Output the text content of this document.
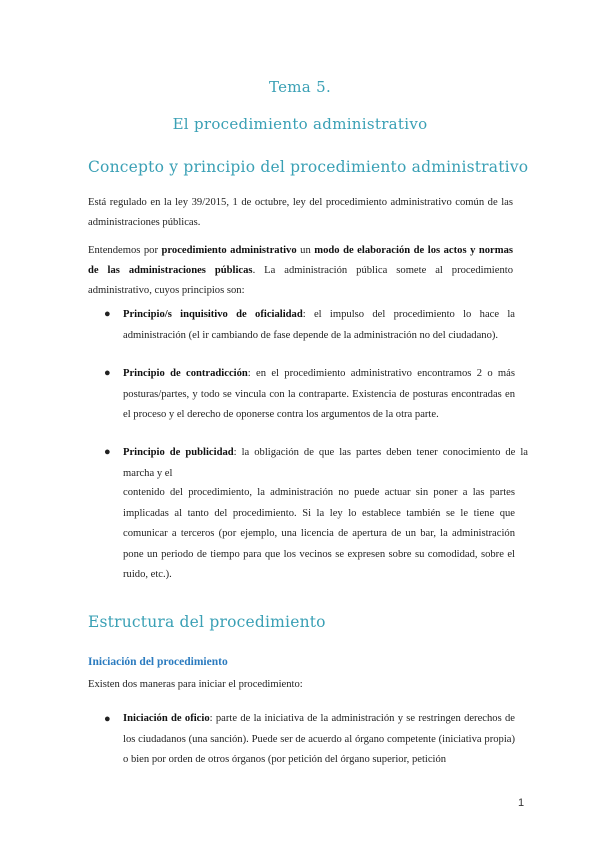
Tema 5.
El procedimiento administrativo
Concepto y principio del procedimiento administrativo
Está regulado en la ley 39/2015, 1 de octubre, ley del procedimiento administrativo común de las administraciones públicas.
Entendemos por procedimiento administrativo un modo de elaboración de los actos y normas de las administraciones públicas. La administración pública somete al procedimiento administrativo, cuyos principios son:
● Principio/s inquisitivo de oficialidad: el impulso del procedimiento lo hace la administración (el ir cambiando de fase depende de la administración no del ciudadano).
● Principio de contradicción: en el procedimiento administrativo encontramos 2 o más posturas/partes, y todo se vincula con la contraparte. Existencia de posturas encontradas en el proceso y el derecho de oponerse contra los argumentos de la otra parte.
● Principio de publicidad: la obligación de que las partes deben tener conocimiento de la marcha y el
contenido del procedimiento, la administración no puede actuar sin poner a las partes implicadas al tanto del procedimiento. Si la ley lo establece también se le tiene que comunicar a terceros (por ejemplo, una licencia de apertura de un bar, la administración pone un periodo de tiempo para que los vecinos se expresen sobre su comodidad, sobre el ruido, etc.).
Estructura del procedimiento
Iniciación del procedimiento
Existen dos maneras para iniciar el procedimiento:
● Iniciación de oficio: parte de la iniciativa de la administración y se restringen derechos de los ciudadanos (una sanción). Puede ser de acuerdo al órgano competente (iniciativa propia) o bien por orden de otros órganos (por petición del órgano superior, petición
1
